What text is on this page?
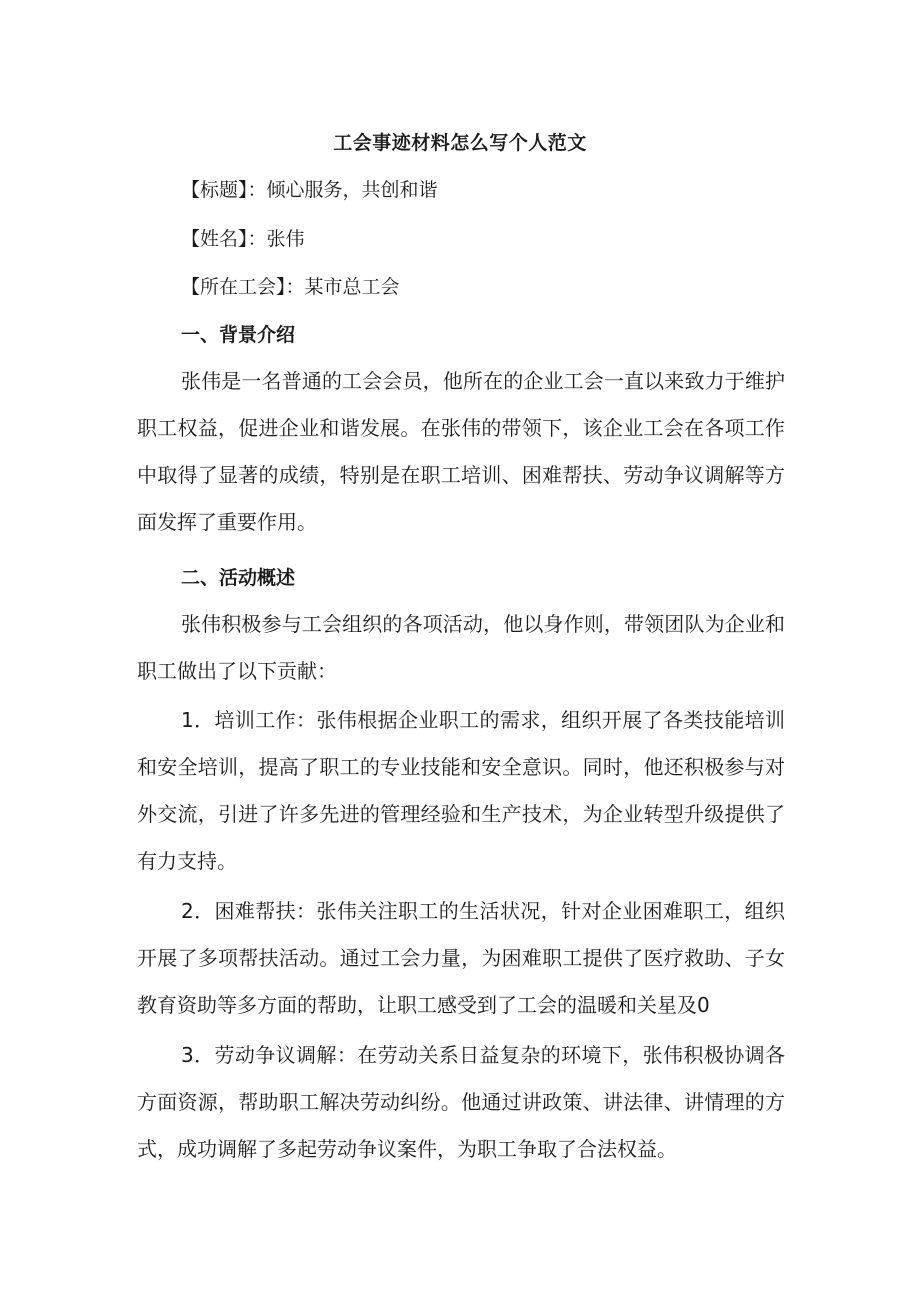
工会事迹材料怎么写个人范文
【标题】：倾心服务，共创和谐
【姓名】：张伟
【所在工会】：某市总工会
一、背景介绍

张伟是一名普通的工会会员，他所在的企业工会一直以来致力于维护职工权益，促进企业和谐发展。在张伟的带领下，该企业工会在各项工作中取得了显著的成绩，特别是在职工培训、困难帮扶、劳动争议调解等方面发挥了重要作用。

二、活动概述

张伟积极参与工会组织的各项活动，他以身作则，带领团队为企业和职工做出了以下贡献：

1．培训工作：张伟根据企业职工的需求，组织开展了各类技能培训和安全培训，提高了职工的专业技能和安全意识。同时，他还积极参与对外交流，引进了许多先进的管理经验和生产技术，为企业转型升级提供了有力支持。

2．困难帮扶：张伟关注职工的生活状况，针对企业困难职工，组织开展了多项帮扶活动。通过工会力量，为困难职工提供了医疗救助、子女教育资助等多方面的帮助，让职工感受到了工会的温暖和关星及0

3．劳动争议调解：在劳动关系日益复杂的环境下，张伟积极协调各方面资源，帮助职工解决劳动纠纷。他通过讲政策、讲法律、讲情理的方式，成功调解了多起劳动争议案件，为职工争取了合法权益。
